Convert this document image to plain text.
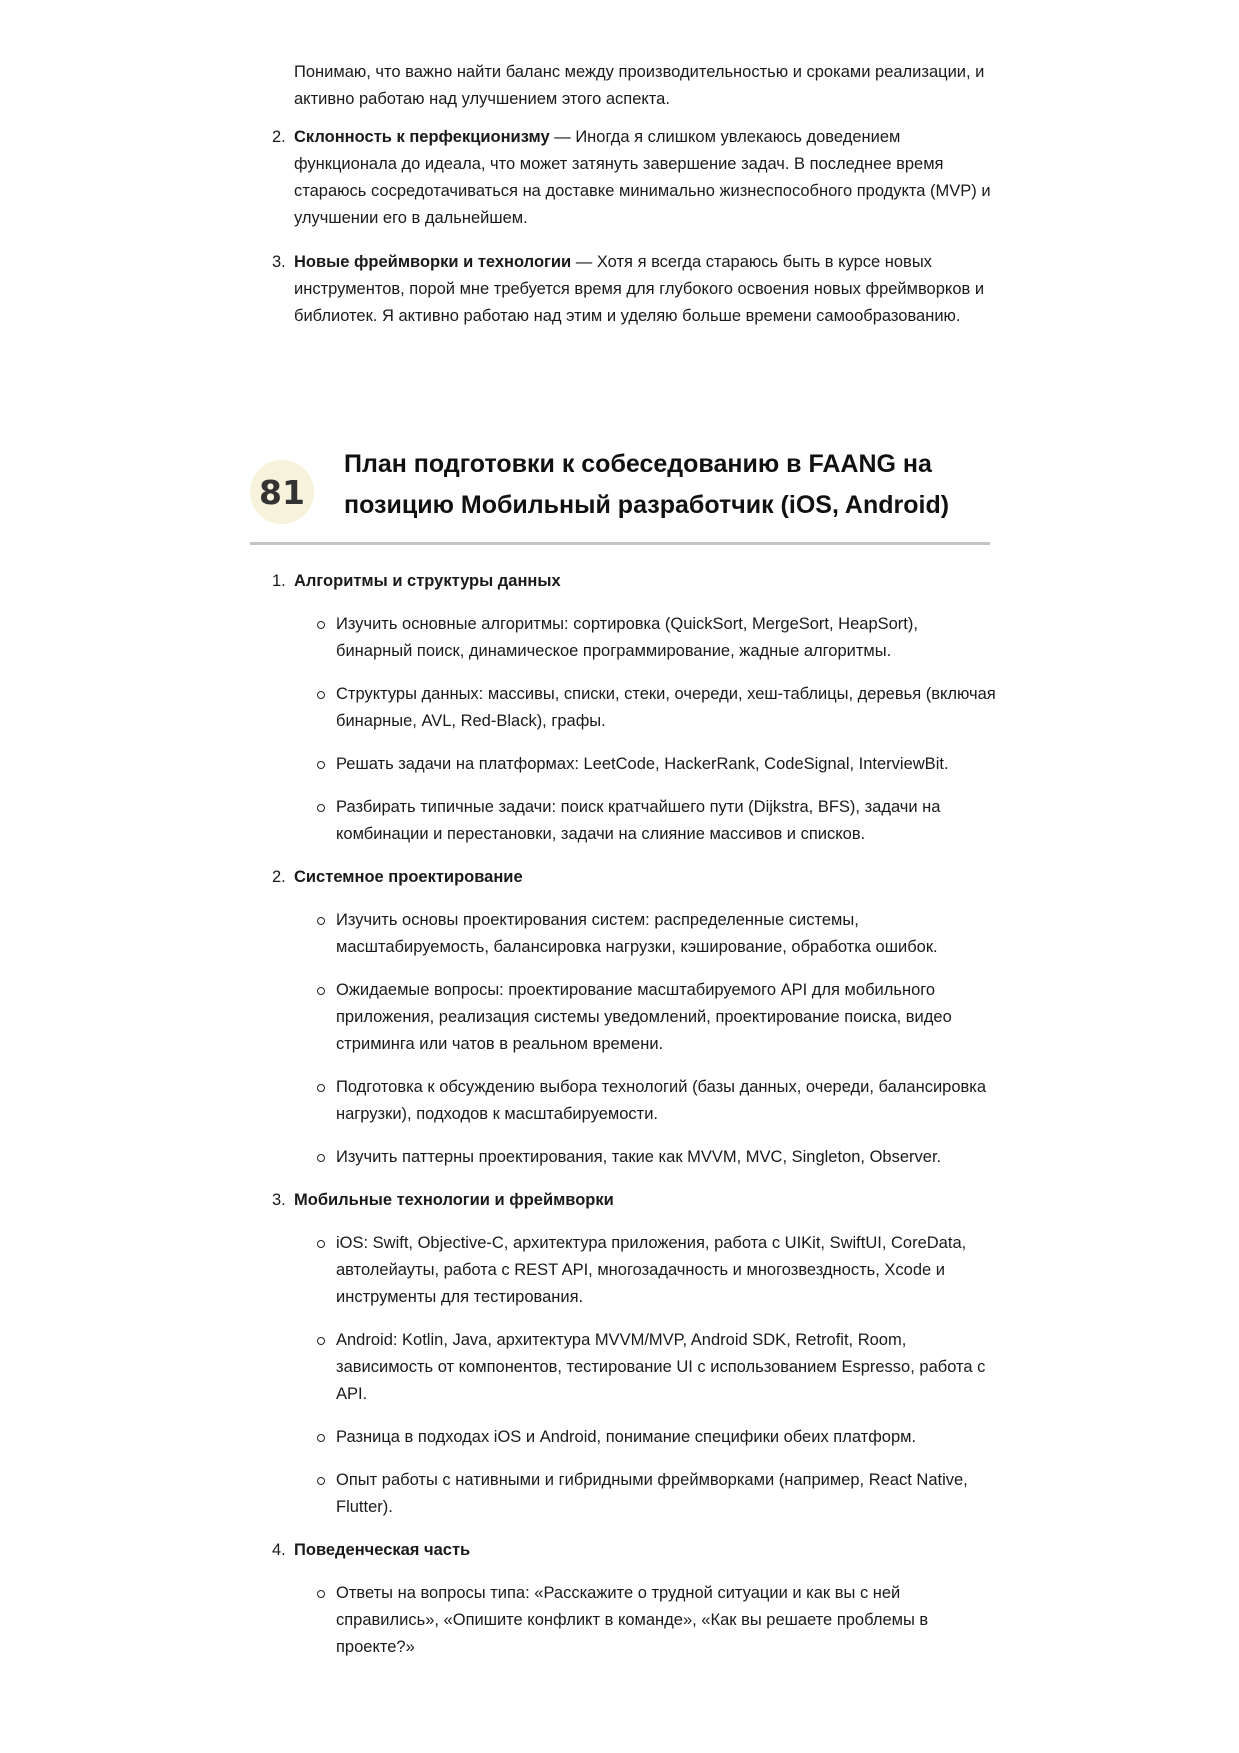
Понимаю, что важно найти баланс между производительностью и сроками реализации, и активно работаю над улучшением этого аспекта.

2. Склонность к перфекционизму — Иногда я слишком увлекаюсь доведением функционала до идеала, что может затянуть завершение задач. В последнее время стараюсь сосредотачиваться на доставке минимально жизнеспособного продукта (MVP) и улучшении его в дальнейшем.
3. Новые фреймворки и технологии — Хотя я всегда стараюсь быть в курсе новых инструментов, порой мне требуется время для глубокого освоения новых фреймворков и библиотек. Я активно работаю над этим и уделяю больше времени самообразованию.
81
План подготовки к собеседованию в FAANG на позицию Мобильный разработчик (iOS, Android)
1. Алгоритмы и структуры данных
Изучить основные алгоритмы: сортировка (QuickSort, MergeSort, HeapSort), бинарный поиск, динамическое программирование, жадные алгоритмы.
Структуры данных: массивы, списки, стеки, очереди, хеш-таблицы, деревья (включая бинарные, AVL, Red-Black), графы.
Решать задачи на платформах: LeetCode, HackerRank, CodeSignal, InterviewBit.
Разбирать типичные задачи: поиск кратчайшего пути (Dijkstra, BFS), задачи на комбинации и перестановки, задачи на слияние массивов и списков.
2. Системное проектирование
Изучить основы проектирования систем: распределенные системы, масштабируемость, балансировка нагрузки, кэширование, обработка ошибок.
Ожидаемые вопросы: проектирование масштабируемого API для мобильного приложения, реализация системы уведомлений, проектирование поиска, видео стриминга или чатов в реальном времени.
Подготовка к обсуждению выбора технологий (базы данных, очереди, балансировка нагрузки), подходов к масштабируемости.
Изучить паттерны проектирования, такие как MVVM, MVC, Singleton, Observer.
3. Мобильные технологии и фреймворки
iOS: Swift, Objective-C, архитектура приложения, работа с UIKit, SwiftUI, CoreData, автолейауты, работа с REST API, многозадачность и многозвездность, Xcode и инструменты для тестирования.
Android: Kotlin, Java, архитектура MVVM/MVP, Android SDK, Retrofit, Room, зависимость от компонентов, тестирование UI с использованием Espresso, работа с API.
Разница в подходах iOS и Android, понимание специфики обеих платформ.
Опыт работы с нативными и гибридными фреймворками (например, React Native, Flutter).
4. Поведенческая часть
Ответы на вопросы типа: «Расскажите о трудной ситуации и как вы с ней справились», «Опишите конфликт в команде», «Как вы решаете проблемы в проекте?»
